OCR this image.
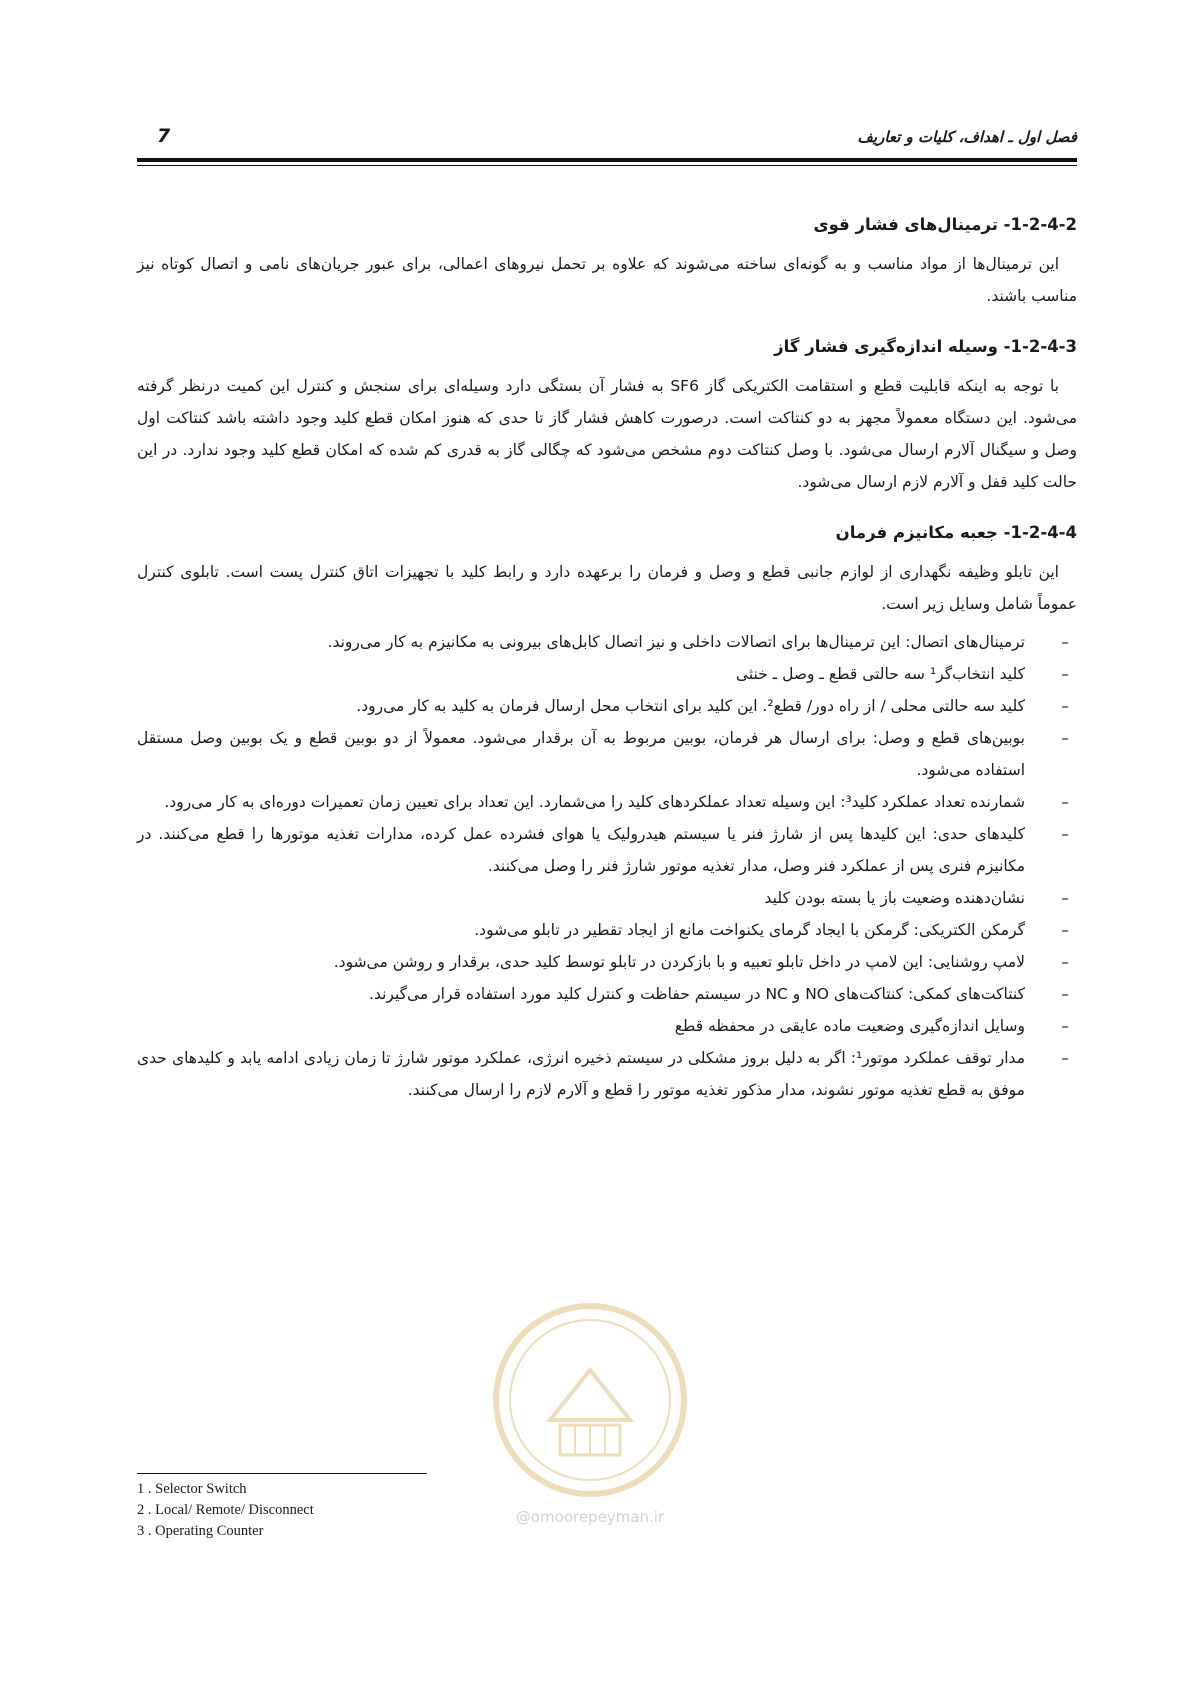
فصل اول ـ اهداف، کلیات و تعاریف
7
1-2-4-2- ترمینال‌های فشار قوی

این ترمینال‌ها از مواد مناسب و به گونه‌ای ساخته می‌شوند که علاوه بر تحمل نیروهای اعمالی، برای عبور جریان‌های نامی و اتصال کوتاه نیز مناسب باشند.

1-2-4-3- وسیله اندازه‌گیری فشار گاز

با توجه به اینکه قابلیت قطع و استقامت الکتریکی گاز SF6 به فشار آن بستگی دارد وسیله‌ای برای سنجش و کنترل این کمیت درنظر گرفته می‌شود. این دستگاه معمولاً مجهز به دو کنتاکت است. درصورت کاهش فشار گاز تا حدی که هنوز امکان قطع کلید وجود داشته باشد کنتاکت اول وصل و سیگنال آلارم ارسال می‌شود. با وصل کنتاکت دوم مشخص می‌شود که چگالی گاز به قدری کم شده که امکان قطع کلید وجود ندارد. در این حالت کلید قفل و آلارم لازم ارسال می‌شود.

1-2-4-4- جعبه مکانیزم فرمان

این تابلو وظیفه نگهداری از لوازم جانبی قطع و وصل و فرمان را برعهده دارد و رابط کلید با تجهیزات اتاق کنترل پست است. تابلوی کنترل عموماً شامل وسایل زیر است.

–
ترمینال‌های اتصال: این ترمینال‌ها برای اتصالات داخلی و نیز اتصال کابل‌های بیرونی به مکانیزم به کار می‌روند.
–
کلید انتخاب‌گر¹ سه حالتی قطع ـ وصل ـ خنثی
–
کلید سه حالتی محلی / از راه دور/ قطع². این کلید برای انتخاب محل ارسال فرمان به کلید به کار می‌رود.
–
بوبین‌های قطع و وصل: برای ارسال هر فرمان، بوبین مربوط به آن برقدار می‌شود. معمولاً از دو بوبین قطع و یک بوبین وصل مستقل استفاده می‌شود.
–
شمارنده تعداد عملکرد کلید³: این وسیله تعداد عملکردهای کلید را می‌شمارد. این تعداد برای تعیین زمان تعمیرات دوره‌ای به کار می‌رود.
–
کلیدهای حدی: این کلیدها پس از شارژ فنر یا سیستم هیدرولیک یا هوای فشرده عمل کرده، مدارات تغذیه موتورها را قطع می‌کنند. در مکانیزم فنری پس از عملکرد فنر وصل، مدار تغذیه موتور شارژ فنر را وصل می‌کنند.
–
نشان‌دهنده وضعیت باز یا بسته بودن کلید
–
گرمکن الکتریکی: گرمکن با ایجاد گرمای یکنواخت مانع از ایجاد تقطیر در تابلو می‌شود.
–
لامپ روشنایی: این لامپ در داخل تابلو تعبیه و با بازکردن در تابلو توسط کلید حدی، برقدار و روشن می‌شود.
–
کنتاکت‌های کمکی: کنتاکت‌های NO و NC در سیستم حفاظت و کنترل کلید مورد استفاده قرار می‌گیرند.
–
وسایل اندازه‌گیری وضعیت ماده عایقی در محفظه قطع
–
مدار توقف عملکرد موتور¹: اگر به دلیل بروز مشکلی در سیستم ذخیره انرژی، عملکرد موتور شارژ تا زمان زیادی ادامه یابد و کلیدهای حدی موفق به قطع تغذیه موتور نشوند، مدار مذکور تغذیه موتور را قطع و آلارم لازم را ارسال می‌کنند.
1 . Selector Switch
2 . Local/ Remote/ Disconnect
3 . Operating Counter
@omoorepeyman.ir
